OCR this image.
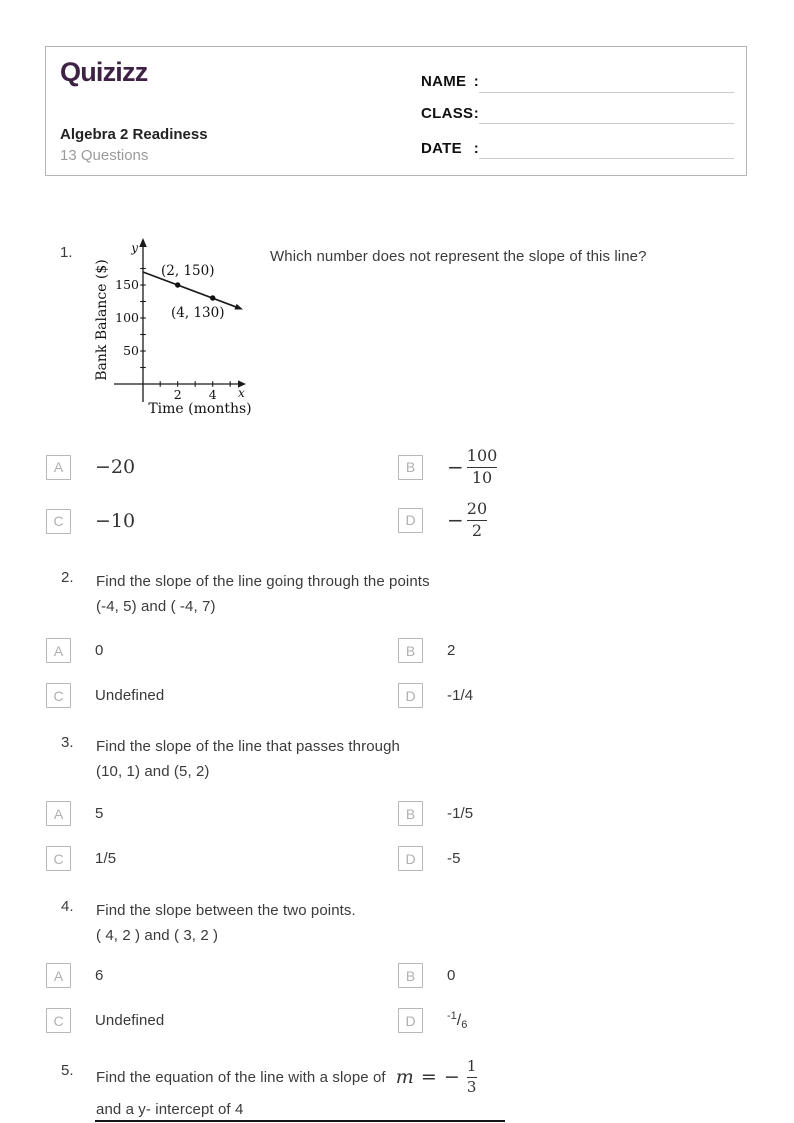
Quizizz
Algebra 2 Readiness
13 Questions
NAME :
CLASS :
DATE :
1.	Which number does not represent the slope of this line?
150
100
50
2 4
y
x
(2, 150)
(4, 130)
Time (months)
Bank Balance ($)
A	−20	B	− $\frac{100}{10}$
C	−10	D	− $\frac{20}{2}$
2. Find the slope of the line going through the points
(-4, 5) and ( -4, 7)
A	0	B	2
C	Undefined	D	-1/4
3. Find the slope of the line that passes through
(10, 1) and (5, 2)
A	5	B	-1/5
C	1/5	D	-5
4. Find the slope between the two points.
( 4, 2 ) and ( 3, 2 )
A	6	B	0
C	Undefined	D	$^{-1}/_6$
5. Find the equation of the line with a slope of m = − $\frac{1}{3}$
and a y- intercept of 4
